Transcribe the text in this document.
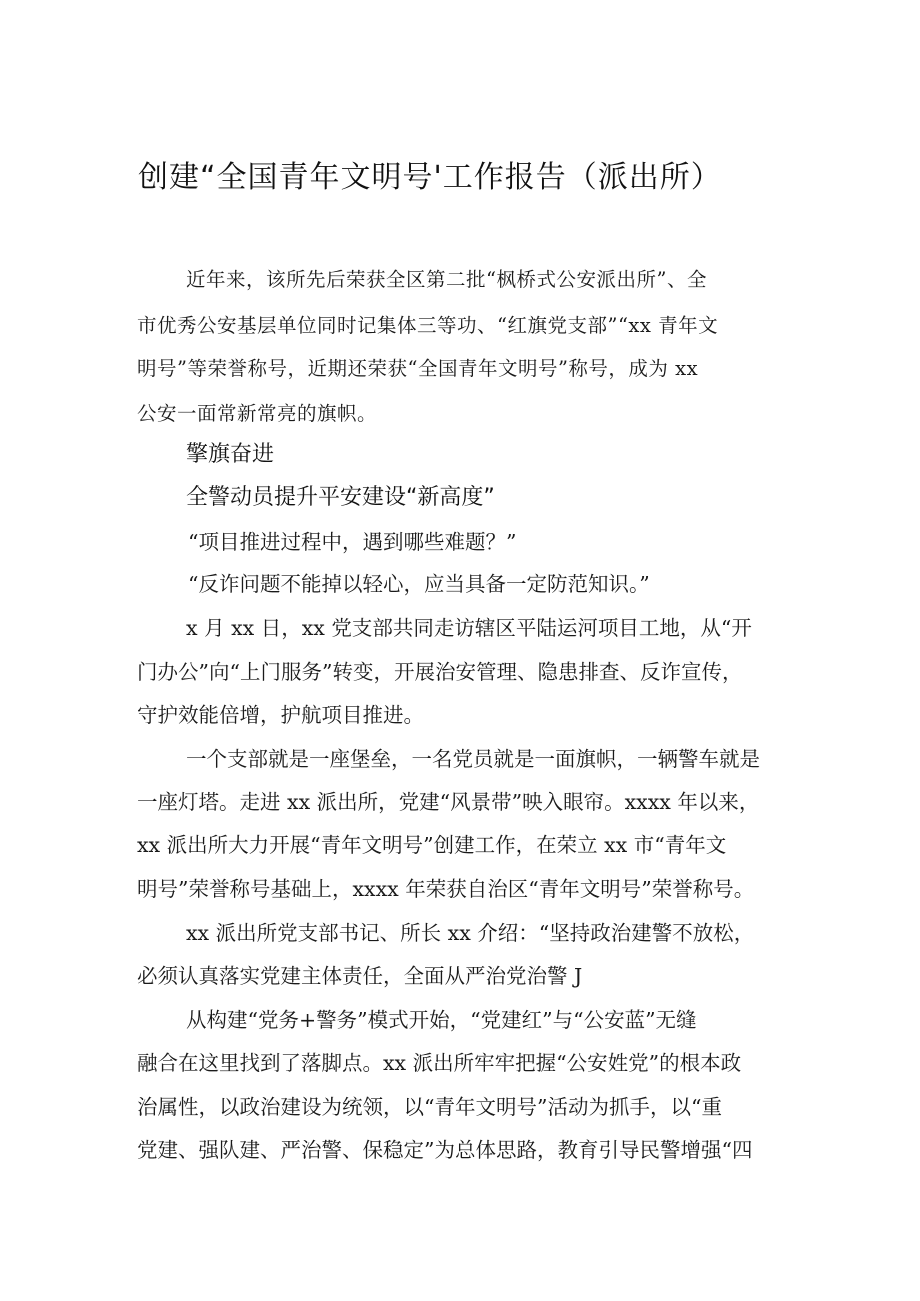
创建“全国青年文明号'工作报告（派出所）
近年来，该所先后荣获全区第二批“枫桥式公安派出所”、全
市优秀公安基层单位同时记集体三等功、“红旗党支部”“xx 青年文
明号”等荣誉称号，近期还荣获“全国青年文明号”称号，成为 xx
公安一面常新常亮的旗帜。
擎旗奋进
全警动员提升平安建设“新高度”
“项目推进过程中，遇到哪些难题？”
“反诈问题不能掉以轻心，应当具备一定防范知识。”
x 月 xx 日，xx 党支部共同走访辖区平陆运河项目工地，从“开
门办公”向“上门服务”转变，开展治安管理、隐患排查、反诈宣传，
守护效能倍增，护航项目推进。
一个支部就是一座堡垒，一名党员就是一面旗帜，一辆警车就是
一座灯塔。走进 xx 派出所，党建“风景带”映入眼帘。xxxx 年以来，
xx 派出所大力开展“青年文明号”创建工作，在荣立 xx 市“青年文
明号”荣誉称号基础上，xxxx 年荣获自治区“青年文明号”荣誉称号。
xx 派出所党支部书记、所长 xx 介绍：“坚持政治建警不放松，
必须认真落实党建主体责任，全面从严治党治警 J
从构建“党务+警务”模式开始，“党建红”与“公安蓝”无缝
融合在这里找到了落脚点。xx 派出所牢牢把握“公安姓党”的根本政
治属性，以政治建设为统领，以“青年文明号”活动为抓手，以“重
党建、强队建、严治警、保稳定”为总体思路，教育引导民警增强“四
